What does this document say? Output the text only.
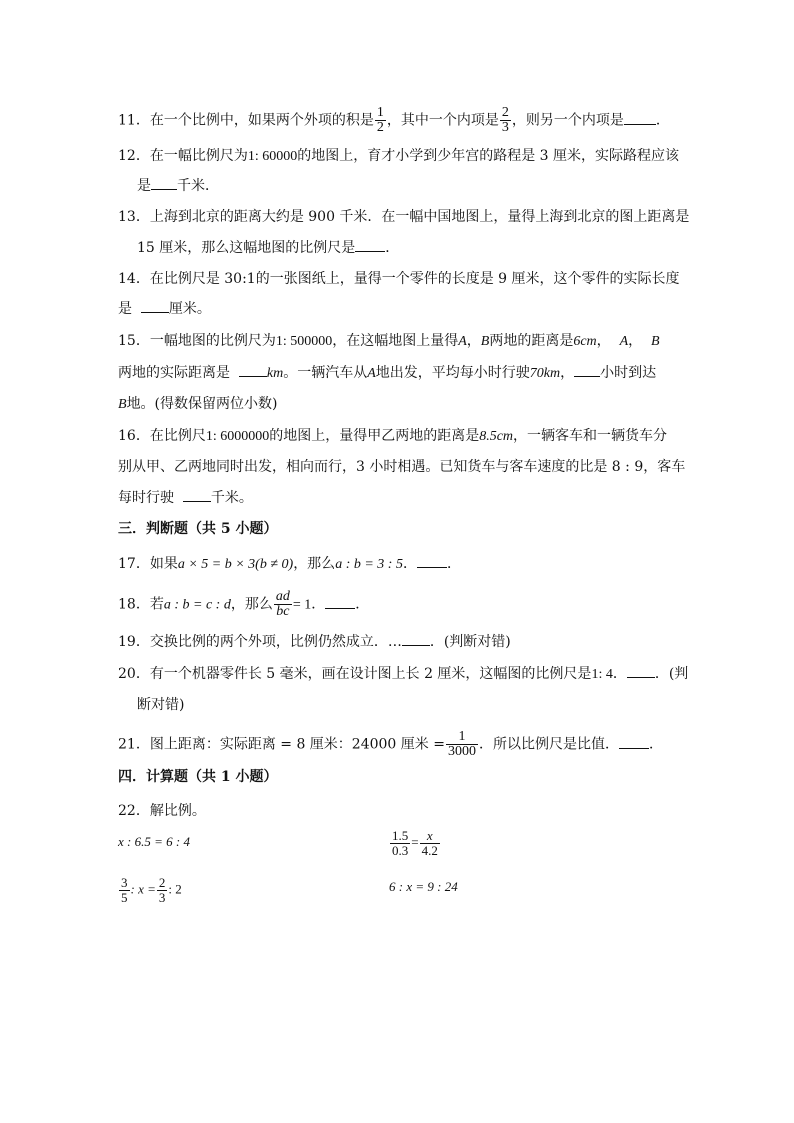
11．在一个比例中，如果两个外项的积是 $\frac{1}{2}$ ，其中一个内项是 $\frac{2}{3}$ ，则另一个内项是 ．
12．在一幅比例尺为1: 60000的地图上，育才小学到少年宫的路程是 3 厘米，实际路程应该
是 千米．
13．上海到北京的距离大约是 900 千米．在一幅中国地图上，量得上海到北京的图上距离是
15 厘米，那么这幅地图的比例尺是 ．
14．在比例尺是 30:1的一张图纸上，量得一个零件的长度是 9 厘米，这个零件的实际长度
是	厘米。
15．一幅地图的比例尺为1: 500000，在这幅地图上量得A，B两地的距离是6cm， A， B
两地的实际距离是	km。一辆汽车从A地出发，平均每小时行驶70km， 小时到达
B地。(得数保留两位小数)
16．在比例尺1: 6000000的地图上，量得甲乙两地的距离是8.5cm，一辆客车和一辆货车分
别从甲、乙两地同时出发，相向而行，3 小时相遇。已知货车与客车速度的比是 8 : 9，客车
每时行驶	千米。
三．判断题（共 5 小题）
17．如果a × 5 = b × 3(b ≠ 0)，那么a : b = 3 : 5． ．
18．若a : b = c : d，那么 $\frac{ad}{bc} = 1$． ．
19．交换比例的两个外项，比例仍然成立．… ．(判断对错)
20．有一个机器零件长 5 毫米，画在设计图上长 2 厘米，这幅图的比例尺是1: 4． ．(判
断对错)
21．图上距离：实际距离 = 8 厘米：24000 厘米 = $\frac{1}{3000}$ ．所以比例尺是比值． ．
四．计算题（共 1 小题）
22．解比例。
x : 6.5 = 6 : 4	$\frac{1.5}{0.3} = \frac{x}{4.2}$
$\frac{3}{5}$ : $x = \frac{2}{3}$ : 2	6 : x = 9 : 24
